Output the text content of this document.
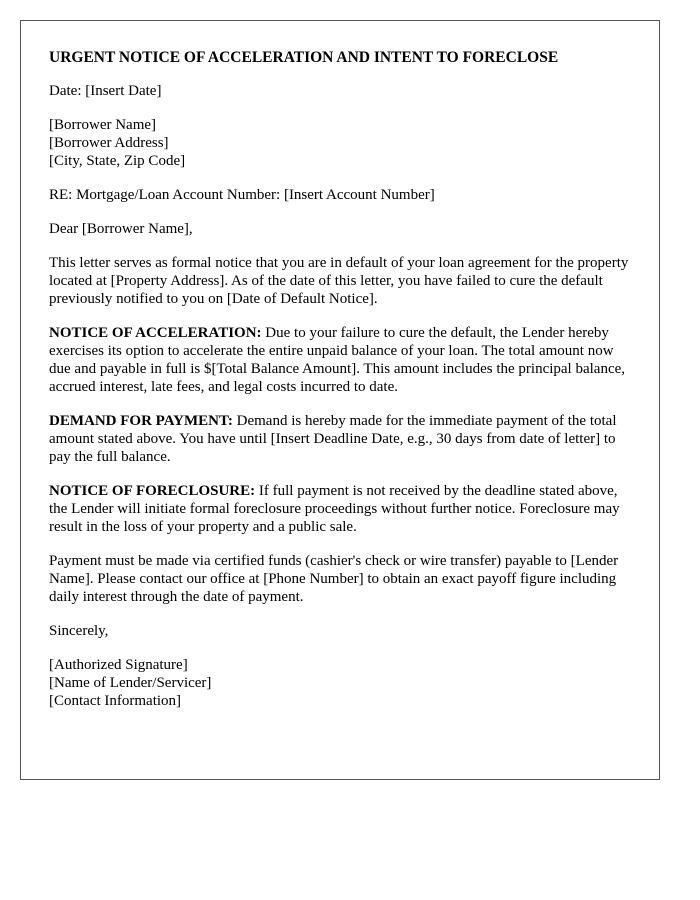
URGENT NOTICE OF ACCELERATION AND INTENT TO FORECLOSE

Date: [Insert Date]

[Borrower Name]
[Borrower Address]
[City, State, Zip Code]

RE: Mortgage/Loan Account Number: [Insert Account Number]

Dear [Borrower Name],

This letter serves as formal notice that you are in default of your loan agreement for the property located at [Property Address]. As of the date of this letter, you have failed to cure the default previously notified to you on [Date of Default Notice].

NOTICE OF ACCELERATION: Due to your failure to cure the default, the Lender hereby exercises its option to accelerate the entire unpaid balance of your loan. The total amount now due and payable in full is $[Total Balance Amount]. This amount includes the principal balance, accrued interest, late fees, and legal costs incurred to date.

DEMAND FOR PAYMENT: Demand is hereby made for the immediate payment of the total amount stated above. You have until [Insert Deadline Date, e.g., 30 days from date of letter] to pay the full balance.

NOTICE OF FORECLOSURE: If full payment is not received by the deadline stated above, the Lender will initiate formal foreclosure proceedings without further notice. Foreclosure may result in the loss of your property and a public sale.

Payment must be made via certified funds (cashier's check or wire transfer) payable to [Lender Name]. Please contact our office at [Phone Number] to obtain an exact payoff figure including daily interest through the date of payment.

Sincerely,

[Authorized Signature]
[Name of Lender/Servicer]
[Contact Information]
